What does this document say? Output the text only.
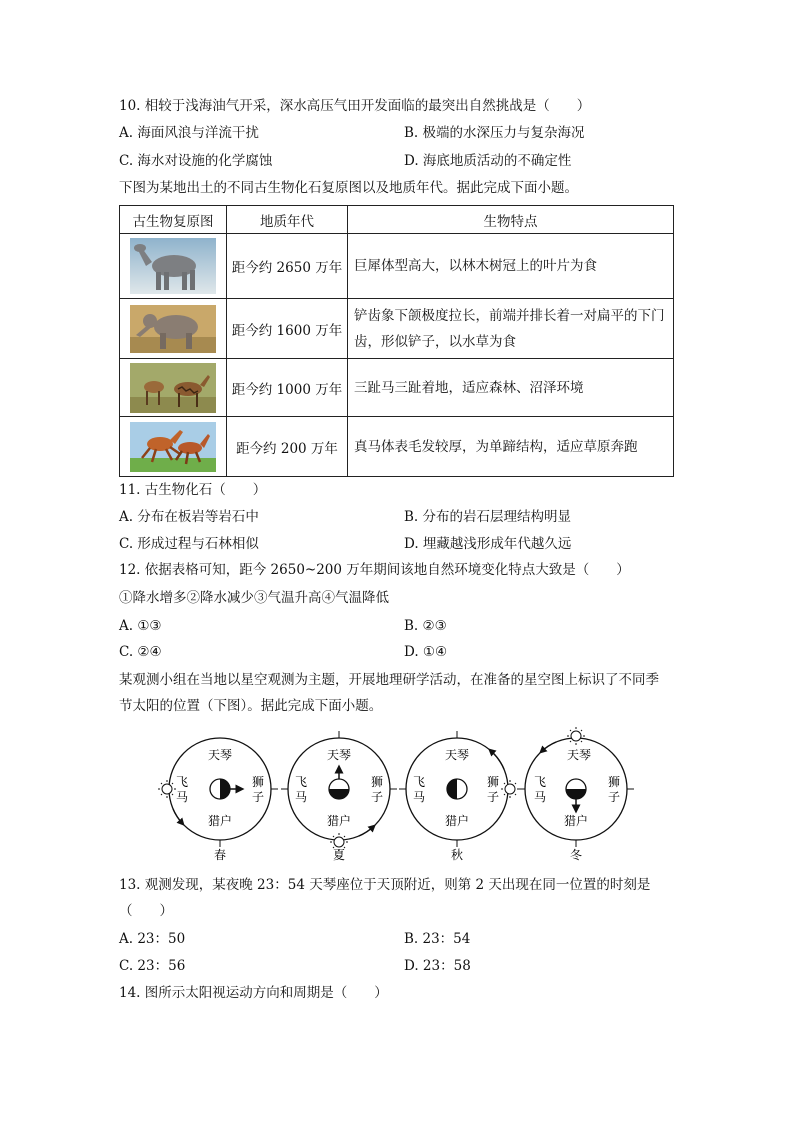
10. 相较于浅海油气开采，深水高压气田开发面临的最突出自然挑战是（　　）
A. 海面风浪与洋流干扰	B. 极端的水深压力与复杂海况
C. 海水对设施的化学腐蚀	D. 海底地质活动的不确定性
下图为某地出土的不同古生物化石复原图以及地质年代。据此完成下面小题。
古生物复原图	地质年代	生物特点

	距今约 2650 万年	巨犀体型高大，以林木树冠上的叶片为食

	距今约 1600 万年	铲齿象下颌极度拉长，前端并排长着一对扁平的下门齿，形似铲子，以水草为食

	距今约 1000 万年	三趾马三趾着地，适应森林、沼泽环境

	距今约 200 万年	真马体表毛发较厚，为单蹄结构，适应草原奔跑
11. 古生物化石（　　）
A. 分布在板岩等岩石中	B. 分布的岩石层理结构明显
C. 形成过程与石林相似	D. 埋藏越浅形成年代越久远
12. 依据表格可知，距今 2650~200 万年期间该地自然环境变化特点大致是（　　）
①降水增多②降水减少③气温升高④气温降低
A. ①③	B. ②③
C. ②④	D. ①④
某观测小组在当地以星空观测为主题，开展地理研学活动，在准备的星空图上标识了不同季
节太阳的位置（下图）。据此完成下面小题。
天琴
飞
马
狮
子
猎户
春
天琴
飞
马
狮
子
猎户
夏
天琴
飞
马
狮
子
猎户
秋
天琴
飞
马
狮
子
猎户
冬
13. 观测发现，某夜晚 23：54 天琴座位于天顶附近，则第 2 天出现在同一位置的时刻是
（　　）
A. 23：50	B. 23：54
C. 23：56	D. 23：58
14. 图所示太阳视运动方向和周期是（　　）
